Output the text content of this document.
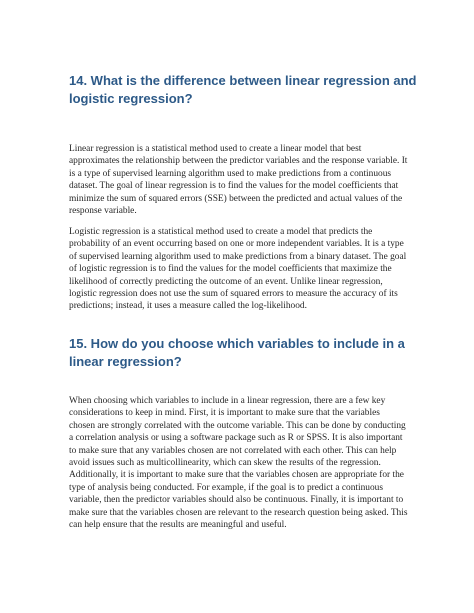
14. What is the difference between linear regression and logistic regression?

Linear regression is a statistical method used to create a linear model that best approximates the relationship between the predictor variables and the response variable. It is a type of supervised learning algorithm used to make predictions from a continuous dataset. The goal of linear regression is to find the values for the model coefficients that minimize the sum of squared errors (SSE) between the predicted and actual values of the response variable.

Logistic regression is a statistical method used to create a model that predicts the probability of an event occurring based on one or more independent variables. It is a type of supervised learning algorithm used to make predictions from a binary dataset. The goal of logistic regression is to find the values for the model coefficients that maximize the likelihood of correctly predicting the outcome of an event. Unlike linear regression, logistic regression does not use the sum of squared errors to measure the accuracy of its predictions; instead, it uses a measure called the log-likelihood.

15. How do you choose which variables to include in a linear regression?

When choosing which variables to include in a linear regression, there are a few key considerations to keep in mind. First, it is important to make sure that the variables chosen are strongly correlated with the outcome variable. This can be done by conducting a correlation analysis or using a software package such as R or SPSS. It is also important to make sure that any variables chosen are not correlated with each other. This can help avoid issues such as multicollinearity, which can skew the results of the regression. Additionally, it is important to make sure that the variables chosen are appropriate for the type of analysis being conducted. For example, if the goal is to predict a continuous variable, then the predictor variables should also be continuous. Finally, it is important to make sure that the variables chosen are relevant to the research question being asked. This can help ensure that the results are meaningful and useful.
